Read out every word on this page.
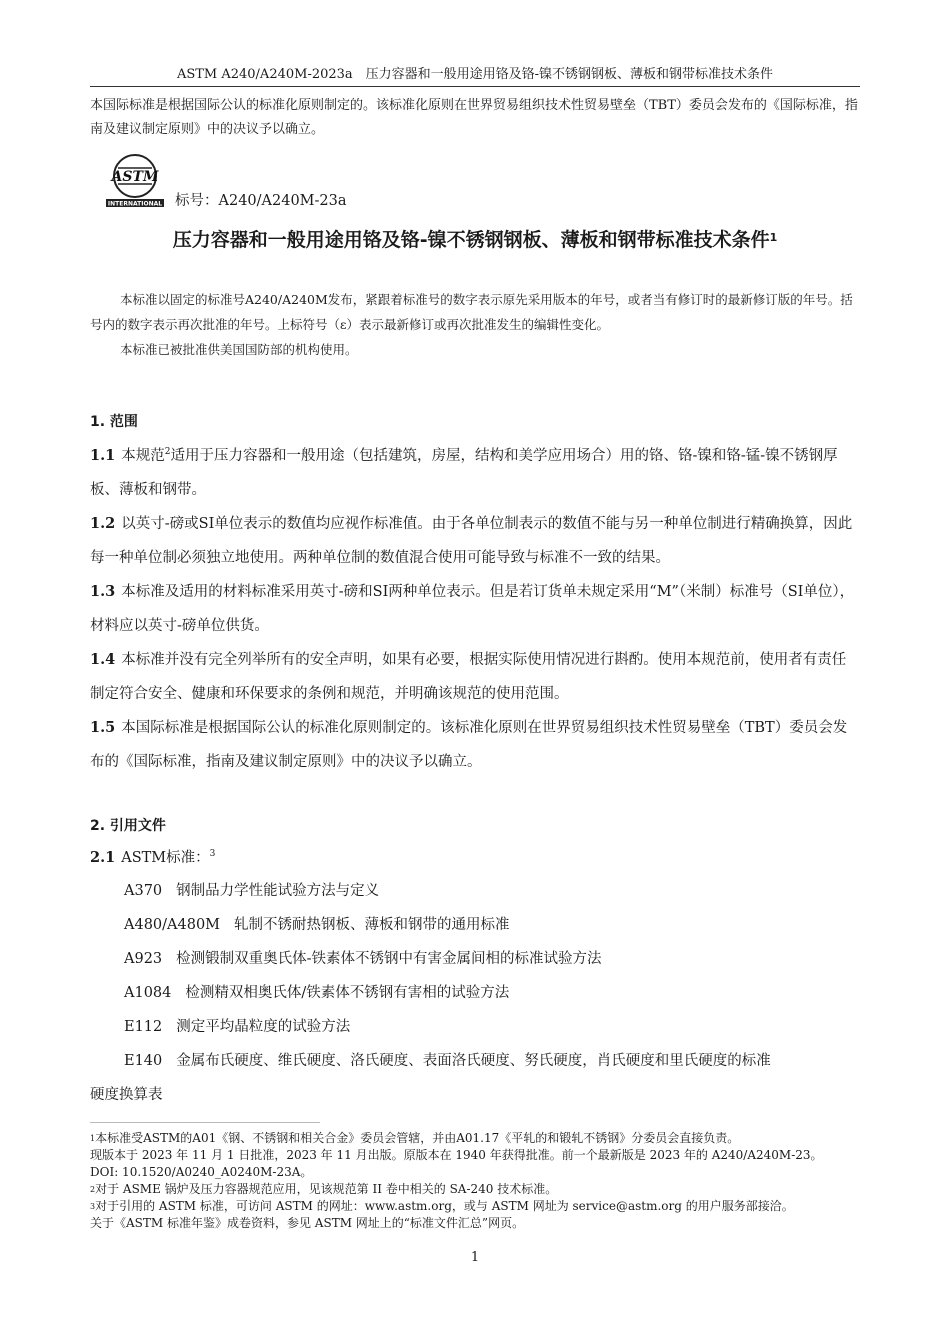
ASTM A240/A240M-2023a　压力容器和一般用途用铬及铬-镍不锈钢钢板、薄板和钢带标准技术条件
本国际标准是根据国际公认的标准化原则制定的。该标准化原则在世界贸易组织技术性贸易壁垒（TBT）委员会发布的《国际标准，指南及建议制定原则》中的决议予以确立。
ASTM
INTERNATIONAL 标号：A240/A240M-23a
压力容器和一般用途用铬及铬-镍不锈钢钢板、薄板和钢带标准技术条件$^1$

本标准以固定的标准号A240/A240M发布，紧跟着标准号的数字表示原先采用版本的年号，或者当有修订时的最新修订版的年号。括号内的数字表示再次批准的年号。上标符号（ε）表示最新修订或再次批准发生的编辑性变化。

本标准已被批准供美国国防部的机构使用。

1. 范围

1.1 本规范$^2$适用于压力容器和一般用途（包括建筑，房屋，结构和美学应用场合）用的铬、铬-镍和铬-锰-镍不锈钢厚板、薄板和钢带。

1.2 以英寸-磅或SI单位表示的数值均应视作标准值。由于各单位制表示的数值不能与另一种单位制进行精确换算，因此每一种单位制必须独立地使用。两种单位制的数值混合使用可能导致与标准不一致的结果。

1.3 本标准及适用的材料标准采用英寸-磅和SI两种单位表示。但是若订货单未规定采用“M”（米制）标准号（SI单位），材料应以英寸-磅单位供货。

1.4 本标准并没有完全列举所有的安全声明，如果有必要，根据实际使用情况进行斟酌。使用本规范前，使用者有责任制定符合安全、健康和环保要求的条例和规范，并明确该规范的使用范围。

1.5 本国际标准是根据国际公认的标准化原则制定的。该标准化原则在世界贸易组织技术性贸易壁垒（TBT）委员会发布的《国际标准，指南及建议制定原则》中的决议予以确立。

2. 引用文件

2.1 ASTM标准：$^3$

A370 钢制品力学性能试验方法与定义
A480/A480M 轧制不锈耐热钢板、薄板和钢带的通用标准
A923 检测锻制双重奥氏体-铁素体不锈钢中有害金属间相的标准试验方法
A1084 检测精双相奥氏体/铁素体不锈钢有害相的试验方法
E112 测定平均晶粒度的试验方法
E140 金属布氏硬度、维氏硬度、洛氏硬度、表面洛氏硬度、努氏硬度，肖氏硬度和里氏硬度的标准
硬度换算表

$^1$本标准受ASTM的A01《钢、不锈钢和相关合金》委员会管辖，并由A01.17《平轧的和锻轧不锈钢》分委员会直接负责。

现版本于 2023 年 11 月 1 日批准，2023 年 11 月出版。原版本在 1940 年获得批准。前一个最新版是 2023 年的 A240/A240M-23。

DOI: 10.1520/A0240_A0240M-23A。

$^2$对于 ASME 锅炉及压力容器规范应用，见该规范第 II 卷中相关的 SA-240 技术标准。

$^3$对于引用的 ASTM 标准，可访问 ASTM 的网址：www.astm.org，或与 ASTM 网址为 service@astm.org 的用户服务部接洽。

关于《ASTM 标准年鉴》成卷资料，参见 ASTM 网址上的“标准文件汇总”网页。

1
